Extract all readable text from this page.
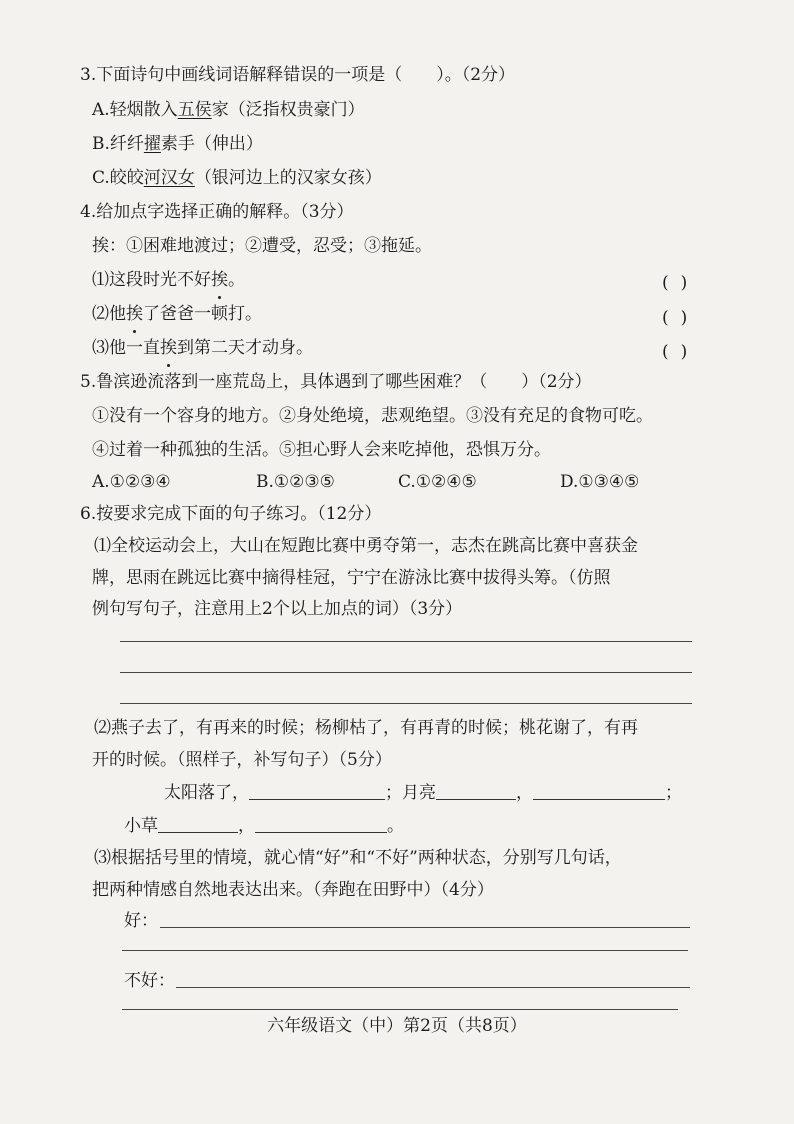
3.下面诗句中画线词语解释错误的一项是（　　）。（2分）
A.轻烟散入五侯家（泛指权贵豪门）
B.纤纤擢素手（伸出）
C.皎皎河汉女（银河边上的汉家女孩）
4.给加点字选择正确的解释。（3分）
挨：①困难地渡过；②遭受，忍受；③拖延。
⑴这段时光不好挨。	()
⑵他挨了爸爸一顿打。	()
⑶他一直挨到第二天才动身。	()
5.鲁滨逊流落到一座荒岛上，具体遇到了哪些困难？（　　）（2分）
①没有一个容身的地方。②身处绝境，悲观绝望。③没有充足的食物可吃。
④过着一种孤独的生活。⑤担心野人会来吃掉他，恐惧万分。
A.①②③④	B.①②③⑤	C.①②④⑤	D.①③④⑤
6.按要求完成下面的句子练习。（12分）
⑴全校运动会上，大山在短跑比赛中勇夺第一，志杰在跳高比赛中喜获金
牌，思雨在跳远比赛中摘得桂冠，宁宁在游泳比赛中拔得头筹。（仿照
例句写句子，注意用上2个以上加点的词）（3分）
⑵燕子去了，有再来的时候；杨柳枯了，有再青的时候；桃花谢了，有再
开的时候。（照样子，补写句子）（5分）
太阳落了，	；月亮	，	；
小草	，	。
⑶根据括号里的情境，就心情“好”和“不好”两种状态，分别写几句话，
把两种情感自然地表达出来。（奔跑在田野中）（4分）
好：
不好：
六年级语文（中）第2页（共8页）
